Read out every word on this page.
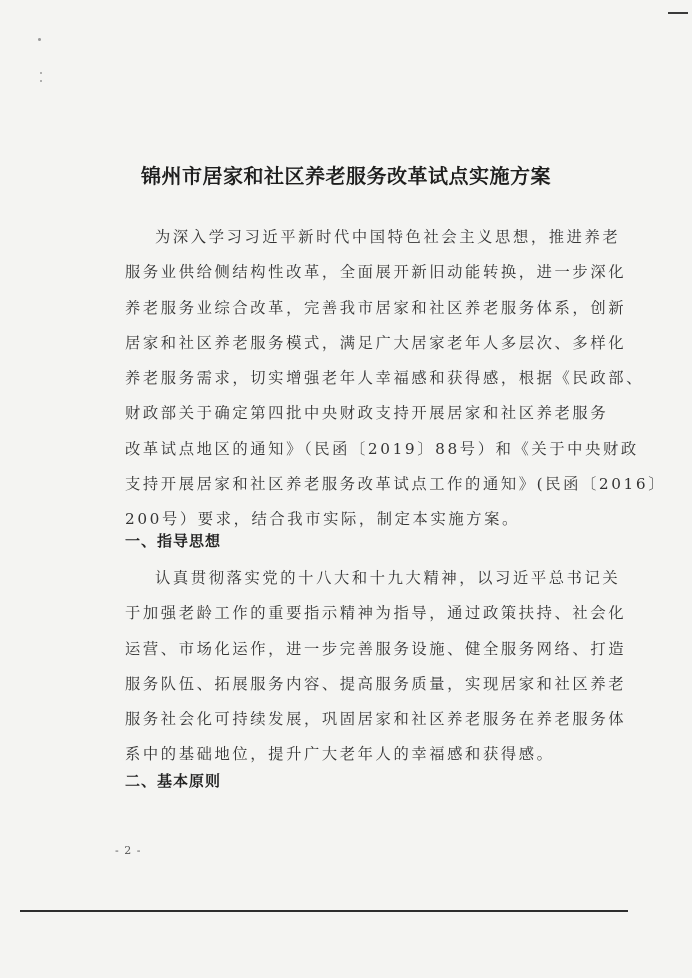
锦州市居家和社区养老服务改革试点实施方案
为深入学习习近平新时代中国特色社会主义思想，推进养老
服务业供给侧结构性改革，全面展开新旧动能转换，进一步深化
养老服务业综合改革，完善我市居家和社区养老服务体系，创新
居家和社区养老服务模式，满足广大居家老年人多层次、多样化
养老服务需求，切实增强老年人幸福感和获得感，根据《民政部、
财政部关于确定第四批中央财政支持开展居家和社区养老服务
改革试点地区的通知》（民函〔2019〕88号）和《关于中央财政
支持开展居家和社区养老服务改革试点工作的通知》(民函〔2016〕
200号）要求，结合我市实际，制定本实施方案。
一、指导思想
认真贯彻落实党的十八大和十九大精神，以习近平总书记关
于加强老龄工作的重要指示精神为指导，通过政策扶持、社会化
运营、市场化运作，进一步完善服务设施、健全服务网络、打造
服务队伍、拓展服务内容、提高服务质量，实现居家和社区养老
服务社会化可持续发展，巩固居家和社区养老服务在养老服务体
系中的基础地位，提升广大老年人的幸福感和获得感。
二、基本原则
- 2 -
